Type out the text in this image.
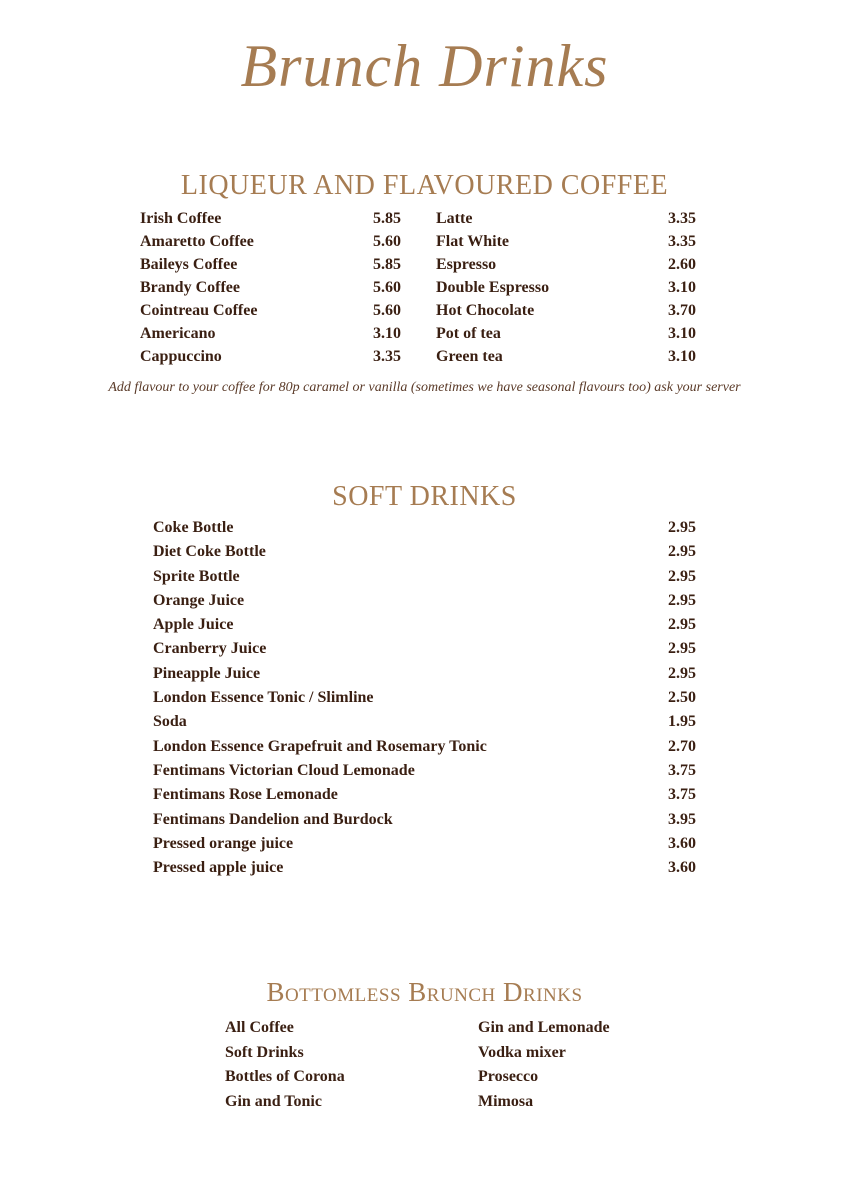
Brunch Drinks
LIQUEUR AND FLAVOURED COFFEE
Irish Coffee	5.85
Amaretto Coffee	5.60
Baileys Coffee	5.85
Brandy Coffee	5.60
Cointreau Coffee	5.60
Americano	3.10
Cappuccino	3.35
Latte	3.35
Flat White	3.35
Espresso	2.60
Double Espresso	3.10
Hot Chocolate	3.70
Pot of tea	3.10
Green tea	3.10

Add flavour to your coffee for 80p caramel or vanilla (sometimes we have seasonal flavours too) ask your server

SOFT DRINKS
Coke Bottle	2.95
Diet Coke Bottle	2.95
Sprite Bottle	2.95
Orange Juice	2.95
Apple Juice	2.95
Cranberry Juice	2.95
Pineapple Juice	2.95
London Essence Tonic / Slimline	2.50
Soda	1.95
London Essence Grapefruit and Rosemary Tonic	2.70
Fentimans Victorian Cloud Lemonade	3.75
Fentimans Rose Lemonade	3.75
Fentimans Dandelion and Burdock	3.95
Pressed orange juice	3.60
Pressed apple juice	3.60
Bottomless Brunch Drinks
All Coffee
Soft Drinks
Bottles of Corona
Gin and Tonic
Gin and Lemonade
Vodka mixer
Prosecco
Mimosa
